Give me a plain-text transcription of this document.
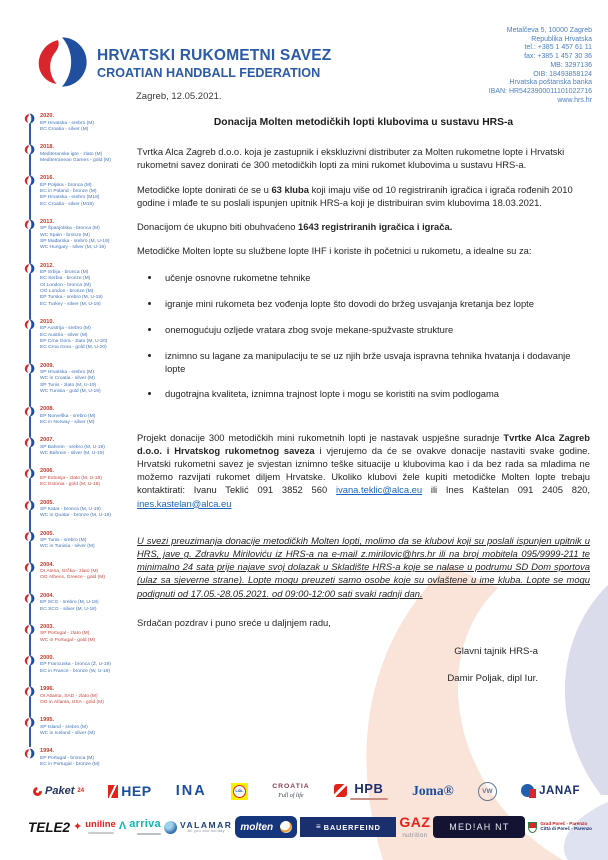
HRVATSKI RUKOMETNI SAVEZ
CROATIAN HANDBALL FEDERATION
Metalčeva 5, 10000 Zagreb
Republika Hrvatska
tel.: +385 1 457 61 11
fax: +385 1 457 30 36
MB: 3297136
OIB: 18493858124
Hrvatska poštanska banka
IBAN: HR5423900011101022716
www.hrs.hr
Zagreb, 12.05.2021.
2020.
EP Hrvatska - srebro (M)
EC Croatia - silver (M)
2018.
Mediteranske igre - zlato (M)
Mediterranean Games - gold (M)
2016.
EP Poljska - bronca (M)
EC in Poland - bronze (M)
EP Hrvatska - srebro (M18)
EC Croatia - silver (M18)
2013.
SP Španjolska - bronca (M)
WC Spain - bronze (M)
SP Mađarska - srebro (M, U-19)
WC Hungary - silver (M, U-19)
2012.
EP Srbija - bronca (M)
EC Serbia - bronze (M)
OI London - bronca (M)
OG London - bronze (M)
EP Turska - srebro (M, U-19)
EC Turkey - silver (M, U-19)
2010.
EP Austrija - srebro (M)
EC Austria - silver (M)
EP Crna Gora - zlato (M, U-20)
EC Crna Gora - gold (M, U-20)
2009.
SP Hrvatska - srebro (M)
WC in Croatia - silver (M)
SP Tunis - zlato (M, U-19)
WC Tunisia - gold (M, U-19)
2008.
EP Norveška - srebro (M)
EC in Norway - silver (M)
2007.
SP Bahrein - srebro (M, U-19)
WC Bahrein - silver (M, U-19)
2006.
EP Estonija - zlato (M, U-18)
EC Estonia - gold (M, U-18)
2005.
SP Katar - bronca (M, U-19)
WC in Quatar - bronze (M, U-19)
2005.
SP Tunis - srebro (M)
WC in Tunisia - silver (M)
2004.
OI Atena, Grčka - zlato (M)
OG Athens, Greece - gold (M)
2004.
EP SCG - srebro (M, U-18)
EC SCG - silver (M, U-18)
2003.
SP Portugal - zlato (M)
WC in Portugal - gold (M)
2000.
EP Francuska - bronca (Ž, U-19)
EC in France - bronze (W, U-19)
1996.
OI Atlanta, SAD - zlato (M)
OG in Atlanta, USA - gold (M)
1995.
SP Island - srebro (M)
WC in Iceland - silver (M)
1994.
EP Portugal - bronca (M)
EC in Portugal - bronze (M)
Donacija Molten metodičkih lopti klubovima u sustavu HRS-a

Tvrtka Alca Zagreb d.o.o. koja je zastupnik i ekskluzivni distributer za Molten rukometne lopte i Hrvatski rukometni savez donirati će 300 metodičkih lopti za mini rukomet klubovima u sustavu HRS-a.

Metodičke lopte donirati će se u 63 kluba koji imaju više od 10 registriranih igračica i igrača rođenih 2010 godine i mlađe te su poslali ispunjen upitnik HRS-a koji je distribuiran svim klubovima 18.03.2021.

Donacijom će ukupno biti obuhvaćeno 1643 registriranih igračica i igrača.

Metodičke Molten lopte su službene lopte IHF i koriste ih početnici u rukometu, a idealne su za:

• učenje osnovne rukometne tehnike
• igranje mini rukometa bez vođenja lopte što dovodi do bržeg usvajanja kretanja bez lopte
• onemogućuju ozljede vratara zbog svoje mekane-spužvaste strukture
• iznimno su lagane za manipulaciju te se uz njih brže usvaja ispravna tehnika hvatanja i dodavanje lopte
• dugotrajna kvaliteta, iznimna trajnost lopte i mogu se koristiti na svim podlogama

Projekt donacije 300 metodičkih mini rukometnih lopti je nastavak uspješne suradnje Tvrtke Alca Zagreb d.o.o. i Hrvatskog rukometnog saveza i vjerujemo da će se ovakve donacije nastaviti svake godine. Hrvatski rukometni savez je svjestan iznimno teške situacije u klubovima kao i da bez rada sa mladima ne možemo razvijati rukomet diljem Hrvatske. Ukoliko klubovi žele kupiti metodičke Molten lopte trebaju kontaktirati: Ivanu Teklić 091 3852 560 ivana.teklic@alca.eu ili Ines Kaštelan 091 2405 820, ines.kastelan@alca.eu

U svezi preuzimanja donacije metodičkih Molten lopti, molimo da se klubovi koji su poslali ispunjen upitnik u HRS, jave g. Zdravku Miriloviću iz HRS-a na e-mail z.mirilovic@hrs.hr ili na broj mobitela 095/9999-211 te minimalno 24 sata prije najave svoj dolazak u Skladište HRS-a koje se nalase u podrumu SD Dom sportova (ulaz sa sjeverne strane). Lopte mogu preuzeti samo osobe koje su ovlaštene u ime kluba. Lopte se mogu podignuti od 17.05.-28.05.2021. od 09:00-12:00 sati svaki radnji dan.

Srdačan pozdrav i puno sreće u daljnjem radu,

Glavni tajnik HRS-a
Damir Poljak, dipl Iur.
Paket 24	HEP INA	LiDL
CROATIA
Full of life	HPB Joma®	VW	JANAF
TELE2 ✦ uniline Λ arriva VALAMAR
All you can holiday molten	≡ BAUERFEIND GAZ
nutrition
MED!AH NT	Grad Poreč - Parenzo
Città di Poreč - Parenzo
